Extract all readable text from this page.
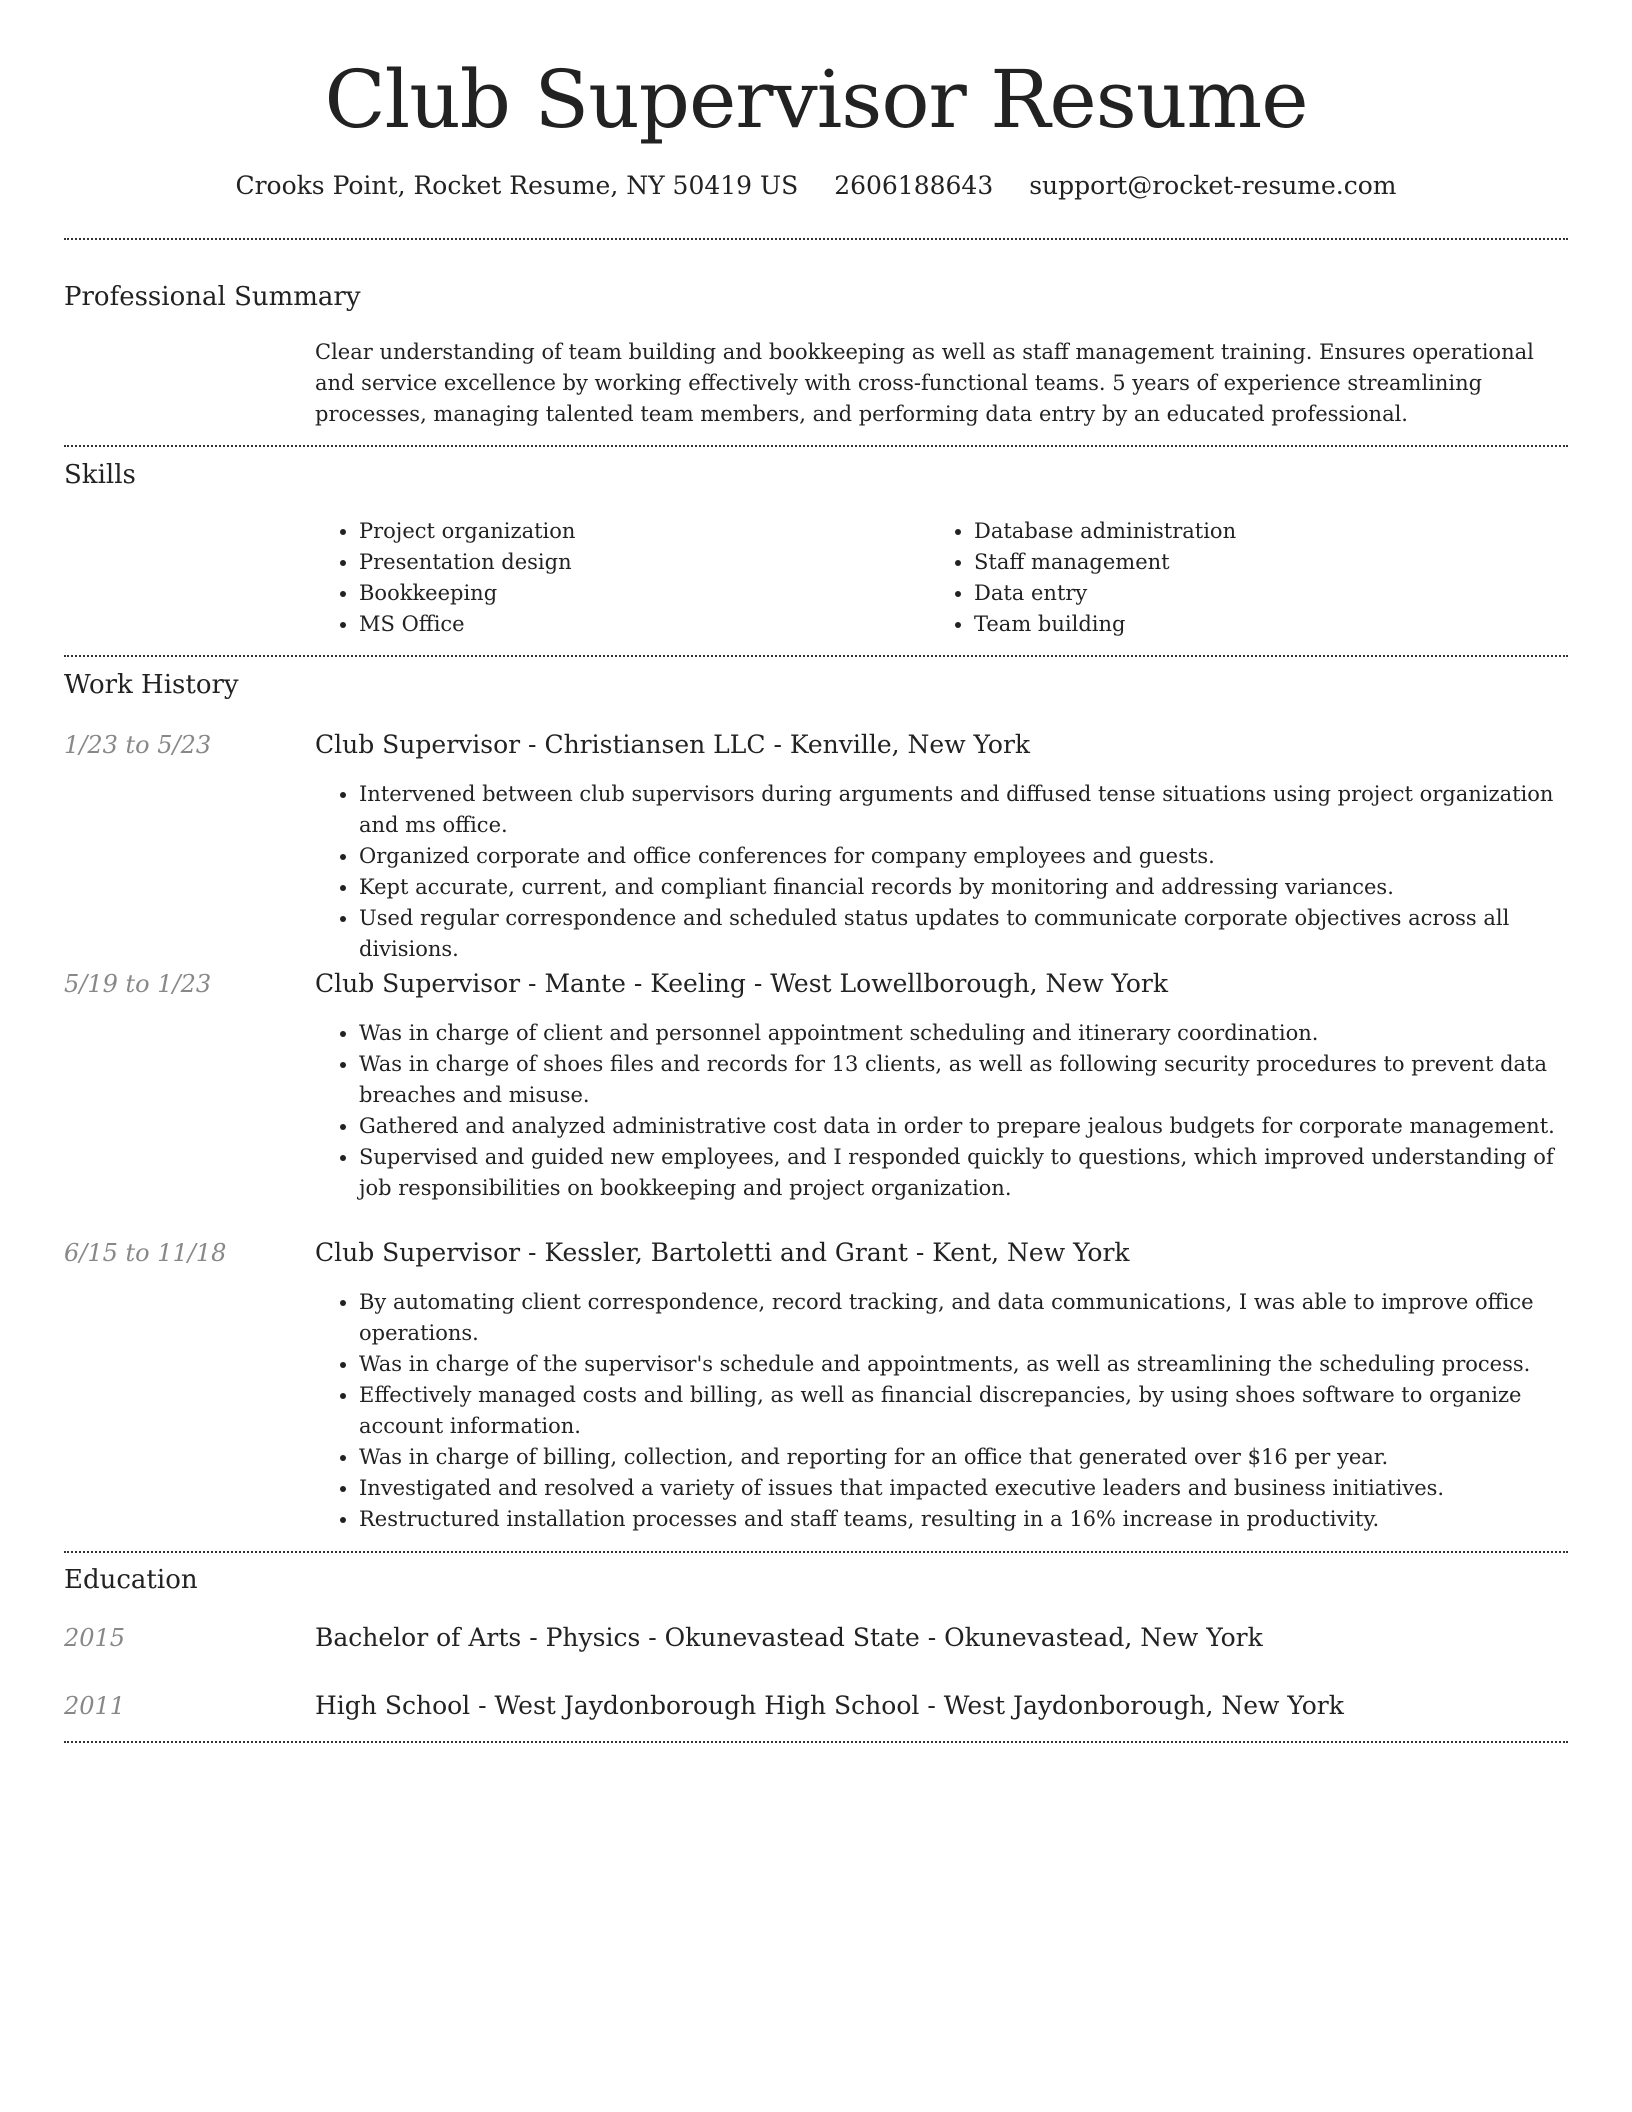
Club Supervisor Resume
Crooks Point, Rocket Resume, NY 50419 US 2606188643 support@rocket-resume.com
Professional Summary
Clear understanding of team building and bookkeeping as well as staff management training. Ensures operational and service excellence by working effectively with cross-functional teams. 5 years of experience streamlining processes, managing talented team members, and performing data entry by an educated professional.
Skills
• Project organization
• Presentation design
• Bookkeeping
• MS Office
• Database administration
• Staff management
• Data entry
• Team building
Work History
1/23 to 5/23	Club Supervisor - Christiansen LLC - Kenville, New York
• Intervened between club supervisors during arguments and diffused tense situations using project organization and ms office.
• Organized corporate and office conferences for company employees and guests.
• Kept accurate, current, and compliant financial records by monitoring and addressing variances.
• Used regular correspondence and scheduled status updates to communicate corporate objectives across all divisions.
5/19 to 1/23	Club Supervisor - Mante - Keeling - West Lowellborough, New York
• Was in charge of client and personnel appointment scheduling and itinerary coordination.
• Was in charge of shoes files and records for 13 clients, as well as following security procedures to prevent data breaches and misuse.
• Gathered and analyzed administrative cost data in order to prepare jealous budgets for corporate management.
• Supervised and guided new employees, and I responded quickly to questions, which improved understanding of job responsibilities on bookkeeping and project organization.
6/15 to 11/18	Club Supervisor - Kessler, Bartoletti and Grant - Kent, New York
• By automating client correspondence, record tracking, and data communications, I was able to improve office operations.
• Was in charge of the supervisor's schedule and appointments, as well as streamlining the scheduling process.
• Effectively managed costs and billing, as well as financial discrepancies, by using shoes software to organize account information.
• Was in charge of billing, collection, and reporting for an office that generated over $16 per year.
• Investigated and resolved a variety of issues that impacted executive leaders and business initiatives.
• Restructured installation processes and staff teams, resulting in a 16% increase in productivity.
Education
2015	Bachelor of Arts - Physics - Okunevastead State - Okunevastead, New York
2011	High School - West Jaydonborough High School - West Jaydonborough, New York
